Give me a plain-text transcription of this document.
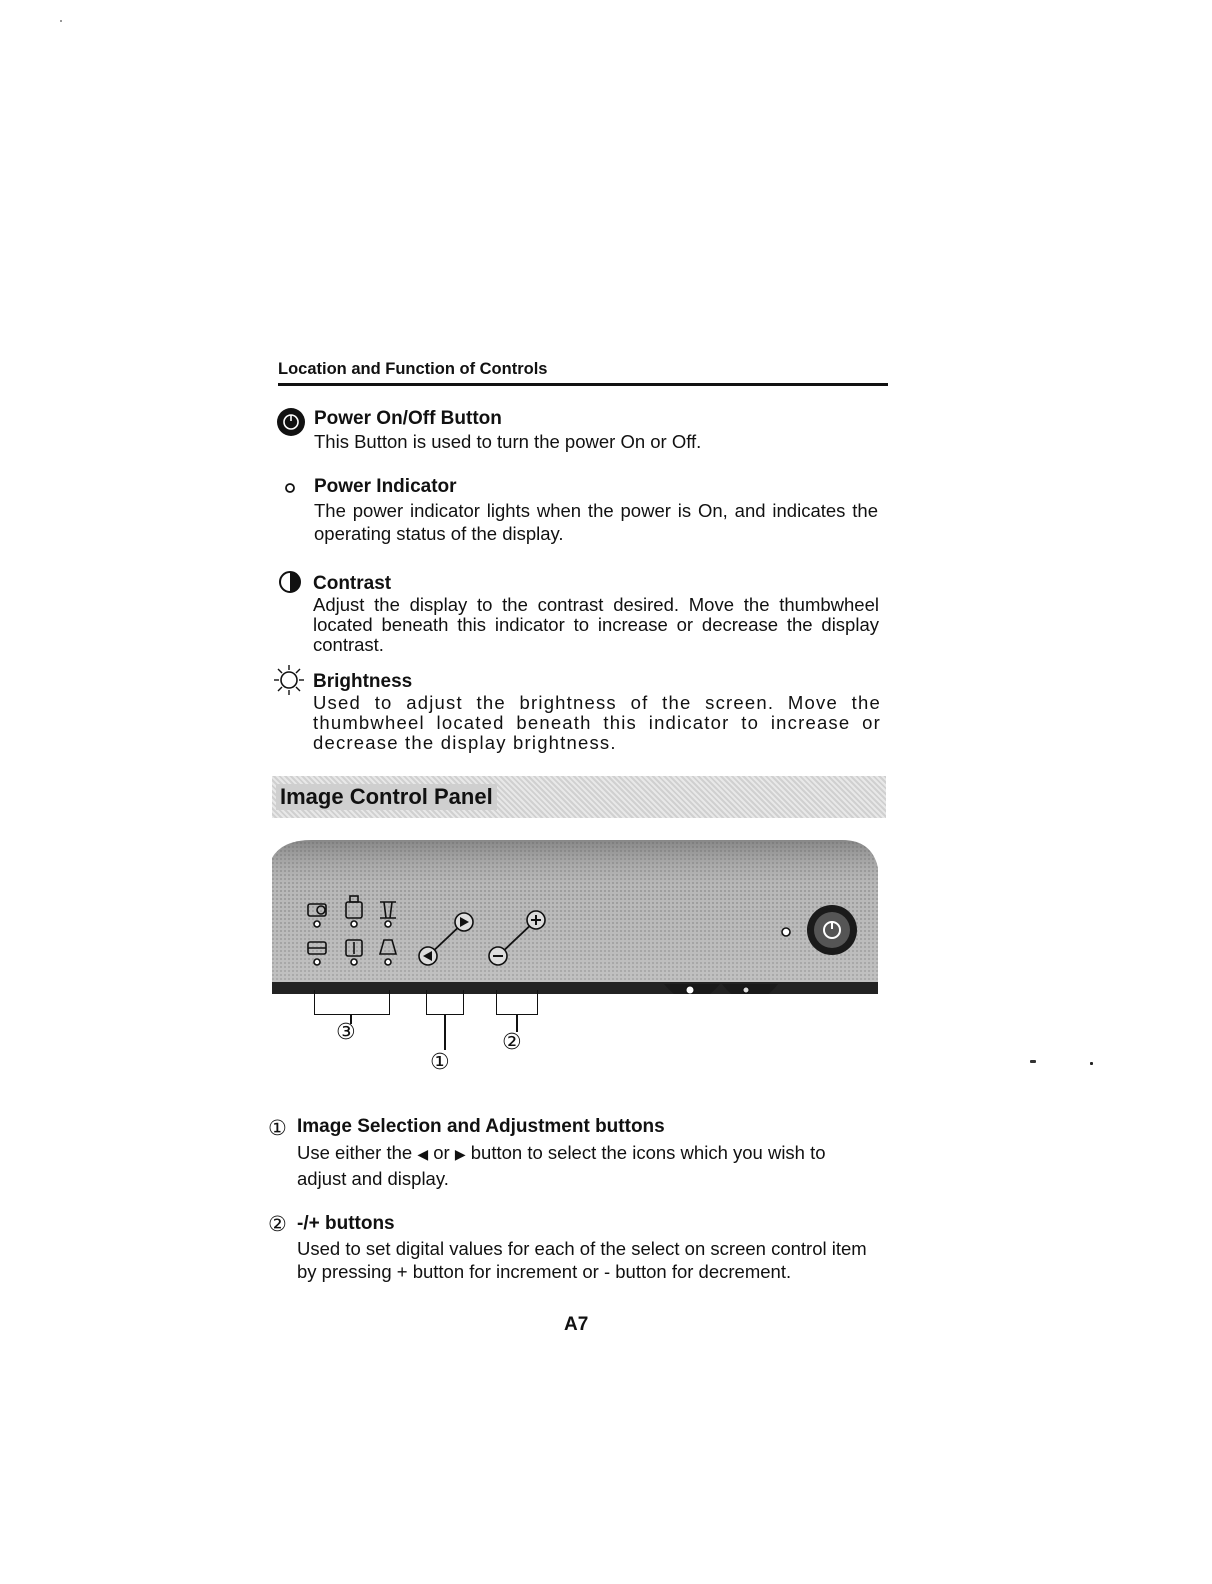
Location and Function of Controls
Power On/Off Button
This Button is used to turn the power On or Off.
Power Indicator
The power indicator lights when the power is On, and indicates the operating status of the display.
Contrast
Adjust the display to the contrast desired. Move the thumbwheel located beneath this indicator to increase or decrease the display contrast.
Brightness
Used to adjust the brightness of the screen. Move the thumbwheel located beneath this indicator to increase or decrease the display brightness.
Image Control Panel
③
①
②
① Image Selection and Adjustment buttons
Use either the ◀ or ▶ button to select the icons which you wish to adjust and display.
② -/+ buttons
Used to set digital values for each of the select on screen control item by pressing + button for increment or - button for decrement.
A7
